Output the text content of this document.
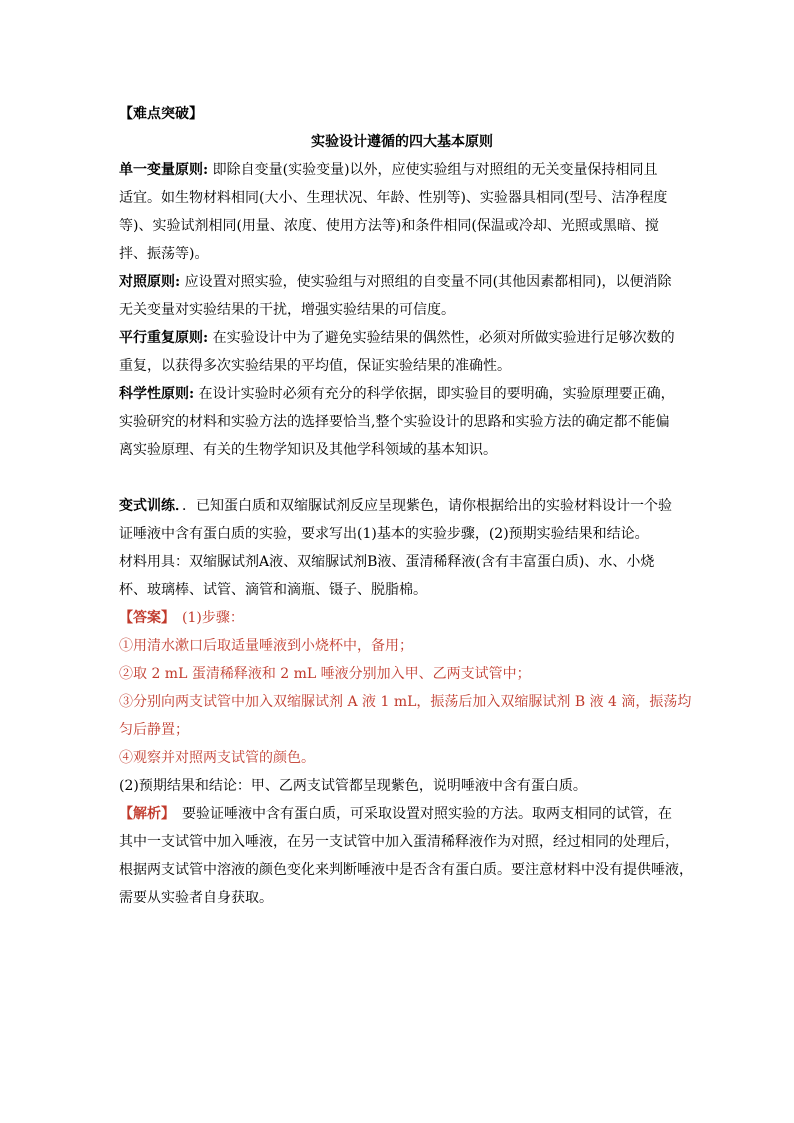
【难点突破】
实验设计遵循的四大基本原则
单一变量原则: 即除自变量(实验变量)以外，应使实验组与对照组的无关变量保持相同且
适宜。如生物材料相同(大小、生理状况、年龄、性别等)、实验器具相同(型号、洁净程度
等)、实验试剂相同(用量、浓度、使用方法等)和条件相同(保温或冷却、光照或黑暗、搅
拌、振荡等)。
对照原则: 应设置对照实验，使实验组与对照组的自变量不同(其他因素都相同)，以便消除
无关变量对实验结果的干扰，增强实验结果的可信度。
平行重复原则: 在实验设计中为了避免实验结果的偶然性，必须对所做实验进行足够次数的
重复，以获得多次实验结果的平均值，保证实验结果的准确性。
科学性原则: 在设计实验时必须有充分的科学依据，即实验目的要明确，实验原理要正确，
实验研究的材料和实验方法的选择要恰当,整个实验设计的思路和实验方法的确定都不能偏
离实验原理、有关的生物学知识及其他学科领域的基本知识。
变式训练．．已知蛋白质和双缩脲试剂反应呈现紫色，请你根据给出的实验材料设计一个验
证唾液中含有蛋白质的实验，要求写出(1)基本的实验步骤，(2)预期实验结果和结论。
材料用具：双缩脲试剂A液、双缩脲试剂B液、蛋清稀释液(含有丰富蛋白质)、水、小烧
杯、玻璃棒、试管、滴管和滴瓶、镊子、脱脂棉。
【答案】　(1)步骤：
①用清水漱口后取适量唾液到小烧杯中，备用；
②取 2 mL 蛋清稀释液和 2 mL 唾液分别加入甲、乙两支试管中；
③分别向两支试管中加入双缩脲试剂 A 液 1 mL，振荡后加入双缩脲试剂 B 液 4 滴，振荡均
匀后静置；
④观察并对照两支试管的颜色。
(2)预期结果和结论：甲、乙两支试管都呈现紫色，说明唾液中含有蛋白质。
【解析】　要验证唾液中含有蛋白质，可采取设置对照实验的方法。取两支相同的试管，在
其中一支试管中加入唾液，在另一支试管中加入蛋清稀释液作为对照，经过相同的处理后，
根据两支试管中溶液的颜色变化来判断唾液中是否含有蛋白质。要注意材料中没有提供唾液，
需要从实验者自身获取。
